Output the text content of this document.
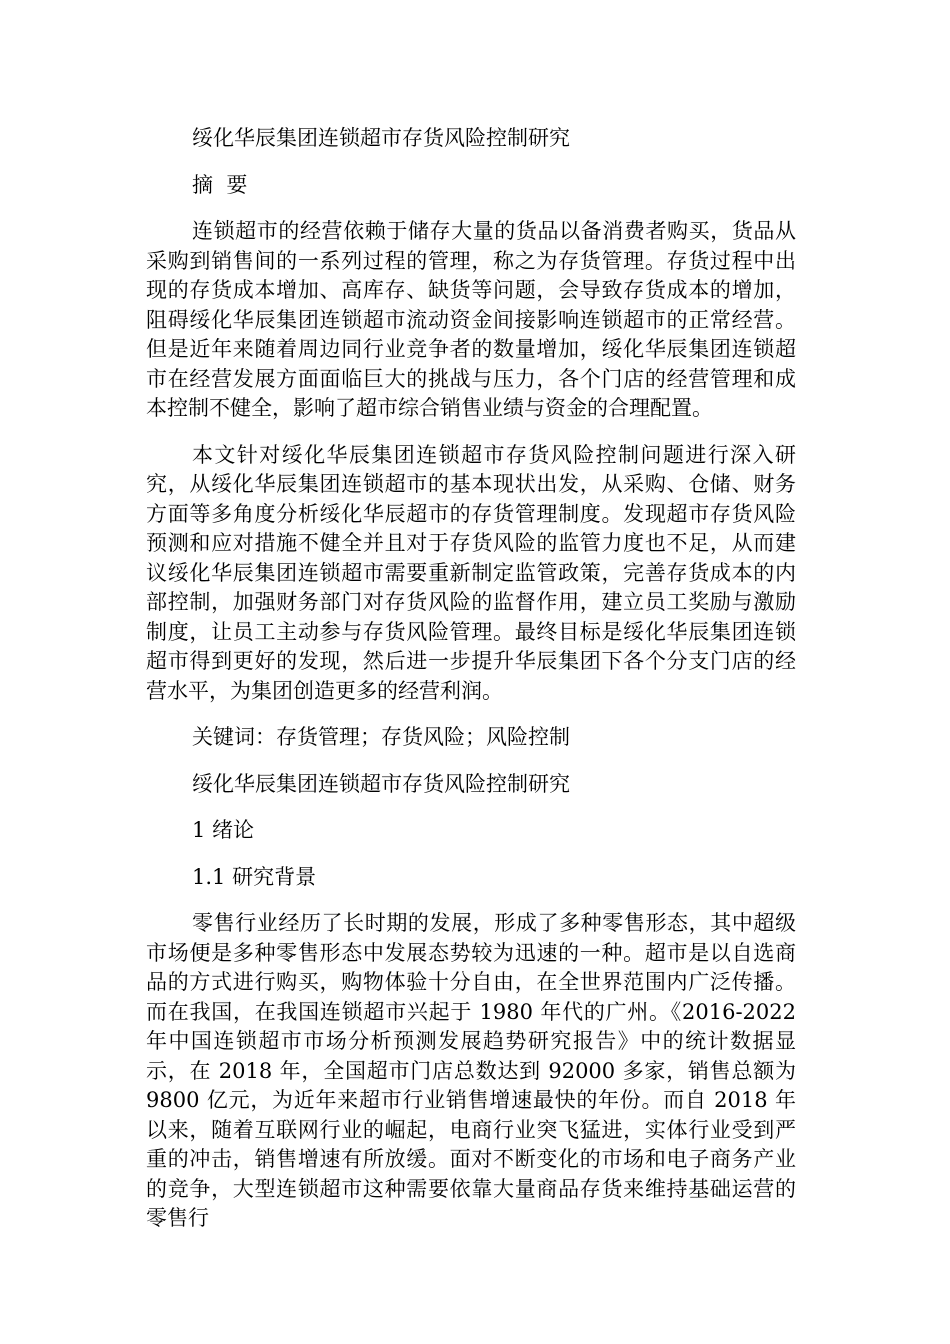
绥化华辰集团连锁超市存货风险控制研究

摘  要

连锁超市的经营依赖于储存大量的货品以备消费者购买，货品从采购到销售间的一系列过程的管理，称之为存货管理。存货过程中出现的存货成本增加、高库存、缺货等问题，会导致存货成本的增加，阻碍绥化华辰集团连锁超市流动资金间接影响连锁超市的正常经营。但是近年来随着周边同行业竞争者的数量增加，绥化华辰集团连锁超市在经营发展方面面临巨大的挑战与压力，各个门店的经营管理和成本控制不健全，影响了超市综合销售业绩与资金的合理配置。

本文针对绥化华辰集团连锁超市存货风险控制问题进行深入研究，从绥化华辰集团连锁超市的基本现状出发，从采购、仓储、财务方面等多角度分析绥化华辰超市的存货管理制度。发现超市存货风险预测和应对措施不健全并且对于存货风险的监管力度也不足，从而建议绥化华辰集团连锁超市需要重新制定监管政策，完善存货成本的内部控制，加强财务部门对存货风险的监督作用，建立员工奖励与激励制度，让员工主动参与存货风险管理。最终目标是绥化华辰集团连锁超市得到更好的发现，然后进一步提升华辰集团下各个分支门店的经营水平，为集团创造更多的经营利润。

关键词：存货管理；存货风险；风险控制

绥化华辰集团连锁超市存货风险控制研究

1 绪论

1.1 研究背景

零售行业经历了长时期的发展，形成了多种零售形态，其中超级市场便是多种零售形态中发展态势较为迅速的一种。超市是以自选商品的方式进行购买，购物体验十分自由，在全世界范围内广泛传播。而在我国，在我国连锁超市兴起于 1980 年代的广州。《2016-2022 年中国连锁超市市场分析预测发展趋势研究报告》中的统计数据显示，在 2018 年，全国超市门店总数达到 92000 多家，销售总额为 9800 亿元，为近年来超市行业销售增速最快的年份。而自 2018 年以来，随着互联网行业的崛起，电商行业突飞猛进，实体行业受到严重的冲击，销售增速有所放缓。面对不断变化的市场和电子商务产业的竞争，大型连锁超市这种需要依靠大量商品存货来维持基础运营的零售行
